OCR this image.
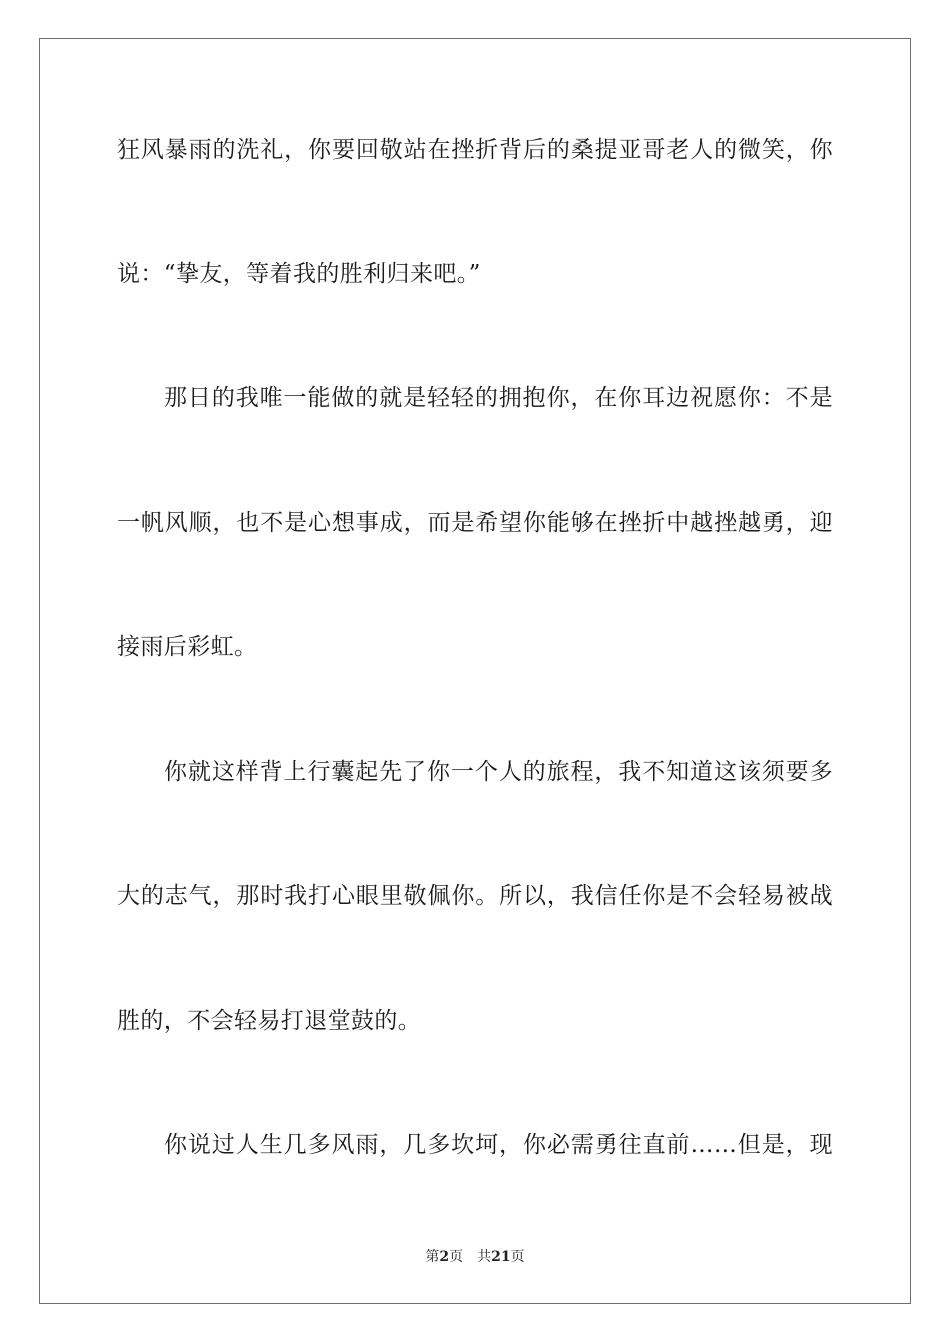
狂风暴雨的洗礼，你要回敬站在挫折背后的桑提亚哥老人的微笑，你
说：“挚友，等着我的胜利归来吧。”
那日的我唯一能做的就是轻轻的拥抱你，在你耳边祝愿你：不是
一帆风顺，也不是心想事成，而是希望你能够在挫折中越挫越勇，迎
接雨后彩虹。
你就这样背上行囊起先了你一个人的旅程，我不知道这该须要多
大的志气，那时我打心眼里敬佩你。所以，我信任你是不会轻易被战
胜的，不会轻易打退堂鼓的。
你说过人生几多风雨，几多坎坷，你必需勇往直前……但是，现
第2页 共21页
